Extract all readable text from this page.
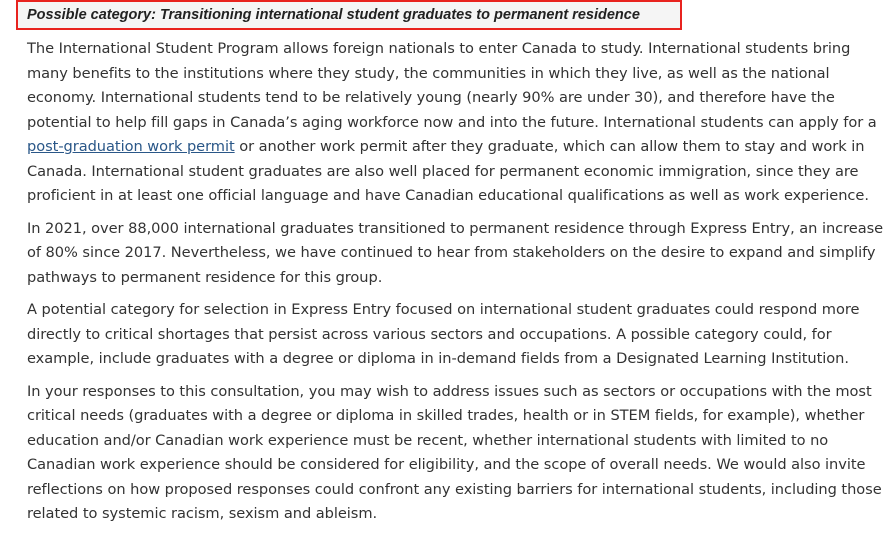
Possible category: Transitioning international student graduates to permanent residence

The International Student Program allows foreign nationals to enter Canada to study. International students bring many benefits to the institutions where they study, the communities in which they live, as well as the national economy. International students tend to be relatively young (nearly 90% are under 30), and therefore have the potential to help fill gaps in Canada’s aging workforce now and into the future. International students can apply for a post-graduation work permit or another work permit after they graduate, which can allow them to stay and work in Canada. International student graduates are also well placed for permanent economic immigration, since they are proficient in at least one official language and have Canadian educational qualifications as well as work experience.

In 2021, over 88,000 international graduates transitioned to permanent residence through Express Entry, an increase of 80% since 2017. Nevertheless, we have continued to hear from stakeholders on the desire to expand and simplify pathways to permanent residence for this group.

A potential category for selection in Express Entry focused on international student graduates could respond more directly to critical shortages that persist across various sectors and occupations. A possible category could, for example, include graduates with a degree or diploma in in-demand fields from a Designated Learning Institution.

In your responses to this consultation, you may wish to address issues such as sectors or occupations with the most critical needs (graduates with a degree or diploma in skilled trades, health or in STEM fields, for example), whether education and/or Canadian work experience must be recent, whether international students with limited to no Canadian work experience should be considered for eligibility, and the scope of overall needs. We would also invite reflections on how proposed responses could confront any existing barriers for international students, including those related to systemic racism, sexism and ableism.
